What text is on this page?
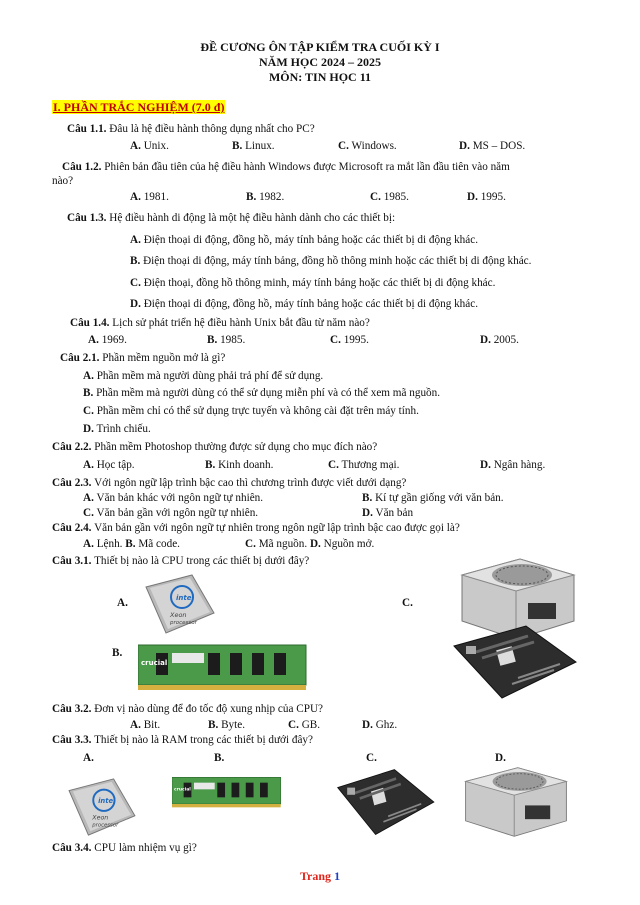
ĐỀ CƯƠNG ÔN TẬP KIỂM TRA CUỐI KỲ I
NĂM HỌC 2024 – 2025
MÔN: TIN HỌC 11
I. PHẦN TRẮC NGHIỆM (7.0 đ)
Câu 1.1. Đâu là hệ điều hành thông dụng nhất cho PC?
A. Unix.	B. Linux.	C. Windows.	D. MS – DOS.
Câu 1.2. Phiên bản đầu tiên của hệ điều hành Windows được Microsoft ra mắt lần đầu tiên vào năm
nào?
A. 1981.	B. 1982.	C. 1985.	D. 1995.
Câu 1.3. Hệ điều hành di động là một hệ điều hành dành cho các thiết bị:
A. Điện thoại di động, đồng hồ, máy tính bảng hoặc các thiết bị di động khác.
B. Điện thoại di động, máy tính bảng, đồng hồ thông minh hoặc các thiết bị di động khác.
C. Điện thoại, đồng hồ thông minh, máy tính bảng hoặc các thiết bị di động khác.
D. Điện thoại di động, đồng hồ, máy tính bảng hoặc các thiết bị di động khác.
Câu 1.4. Lịch sử phát triển hệ điều hành Unix bắt đầu từ năm nào?
A. 1969.	B. 1985.	C. 1995.	D. 2005.
Câu 2.1. Phần mềm nguồn mở là gì?
A. Phần mềm mà người dùng phải trả phí để sử dụng.
B. Phần mềm mà người dùng có thể sử dụng miễn phí và có thể xem mã nguồn.
C. Phần mềm chỉ có thể sử dụng trực tuyến và không cài đặt trên máy tính.
D. Trình chiếu.
Câu 2.2. Phần mềm Photoshop thường được sử dụng cho mục đích nào?
A. Học tập.	B. Kinh doanh.	C. Thương mại.	D. Ngân hàng.
Câu 2.3. Với ngôn ngữ lập trình bậc cao thì chương trình được viết dưới dạng?
A. Văn bản khác với ngôn ngữ tự nhiên.	B. Kí tự gần giống với văn bản.
C. Văn bản gần với ngôn ngữ tự nhiên.	D. Văn bản
Câu 2.4. Văn bản gần với ngôn ngữ tự nhiên trong ngôn ngữ lập trình bậc cao được gọi là?
A. Lệnh. B. Mã code.	C. Mã nguồn. D. Nguồn mở.
Câu 3.1. Thiết bị nào là CPU trong các thiết bị dưới đây?
A.
B.
C.
intel
Xeon
processor
crucial
Câu 3.2. Đơn vị nào dùng để đo tốc độ xung nhịp của CPU?
A. Bit.	B. Byte.	C. GB.	D. Ghz.
Câu 3.3. Thiết bị nào là RAM trong các thiết bị dưới đây?
A.	B.	C.	D.
intel
Xeon
processor
crucial
Câu 3.4. CPU làm nhiệm vụ gì?
Trang 1
